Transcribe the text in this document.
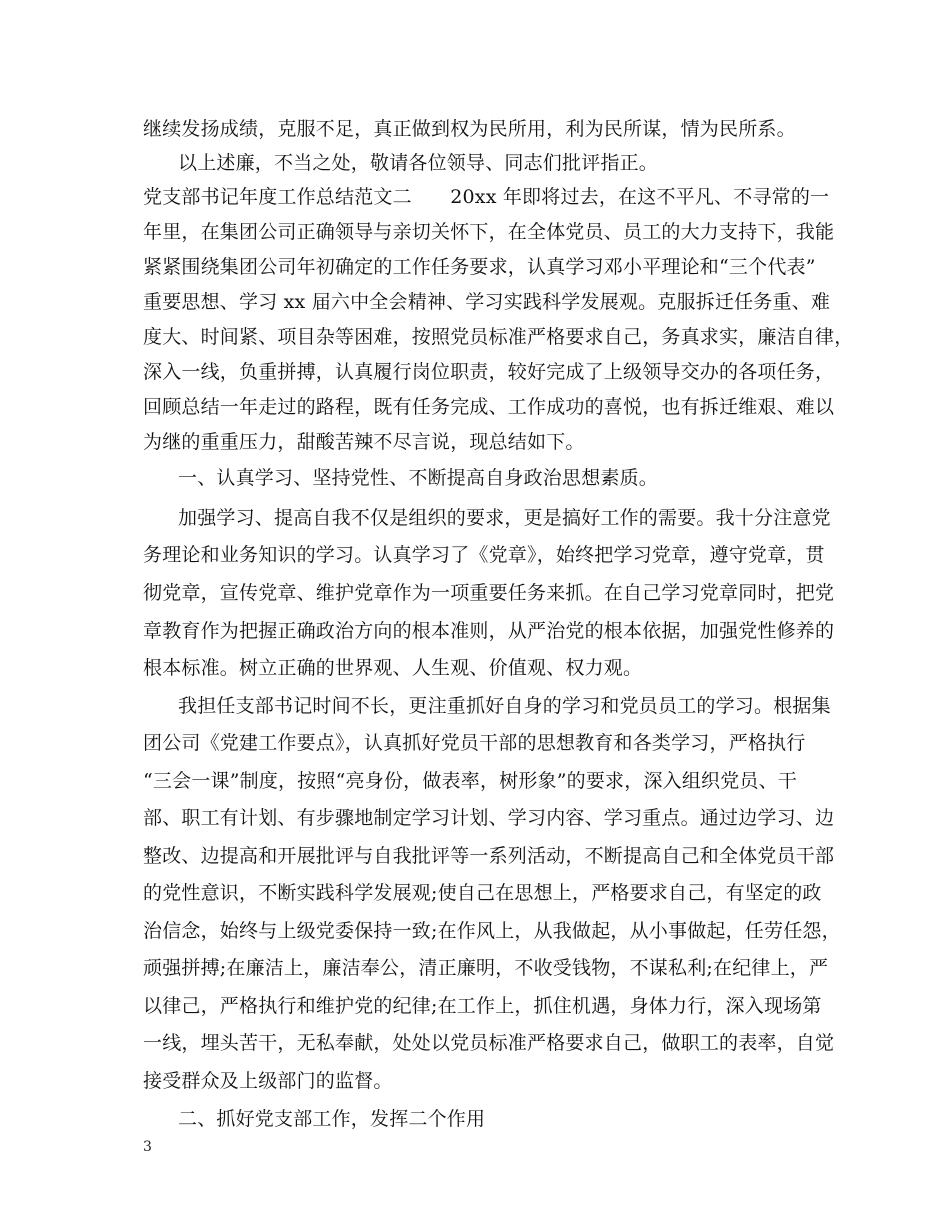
继续发扬成绩，克服不足，真正做到权为民所用，利为民所谋，情为民所系。
以上述廉，不当之处，敬请各位领导、同志们批评指正。
党支部书记年度工作总结范文二　　20xx 年即将过去，在这不平凡、不寻常的一
年里，在集团公司正确领导与亲切关怀下，在全体党员、员工的大力支持下，我能
紧紧围绕集团公司年初确定的工作任务要求，认真学习邓小平理论和“三个代表”
重要思想、学习 xx 届六中全会精神、学习实践科学发展观。克服拆迁任务重、难
度大、时间紧、项目杂等困难，按照党员标准严格要求自己，务真求实，廉洁自律，
深入一线，负重拼搏，认真履行岗位职责，较好完成了上级领导交办的各项任务，
回顾总结一年走过的路程，既有任务完成、工作成功的喜悦，也有拆迁维艰、难以
为继的重重压力，甜酸苦辣不尽言说，现总结如下。
一、认真学习、坚持党性、不断提高自身政治思想素质。
加强学习、提高自我不仅是组织的要求，更是搞好工作的需要。我十分注意党
务理论和业务知识的学习。认真学习了《党章》，始终把学习党章，遵守党章，贯
彻党章，宣传党章、维护党章作为一项重要任务来抓。在自己学习党章同时，把党
章教育作为把握正确政治方向的根本准则，从严治党的根本依据，加强党性修养的
根本标准。树立正确的世界观、人生观、价值观、权力观。
我担任支部书记时间不长，更注重抓好自身的学习和党员员工的学习。根据集
团公司《党建工作要点》，认真抓好党员干部的思想教育和各类学习，严格执行
“三会一课”制度，按照“亮身份，做表率，树形象”的要求，深入组织党员、干
部、职工有计划、有步骤地制定学习计划、学习内容、学习重点。通过边学习、边
整改、边提高和开展批评与自我批评等一系列活动，不断提高自己和全体党员干部
的党性意识，不断实践科学发展观;使自己在思想上，严格要求自己，有坚定的政
治信念，始终与上级党委保持一致;在作风上，从我做起，从小事做起，任劳任怨，
顽强拼搏;在廉洁上，廉洁奉公，清正廉明，不收受钱物，不谋私利;在纪律上，严
以律己，严格执行和维护党的纪律;在工作上，抓住机遇，身体力行，深入现场第
一线，埋头苦干，无私奉献，处处以党员标准严格要求自己，做职工的表率，自觉
接受群众及上级部门的监督。
二、抓好党支部工作，发挥二个作用
3
